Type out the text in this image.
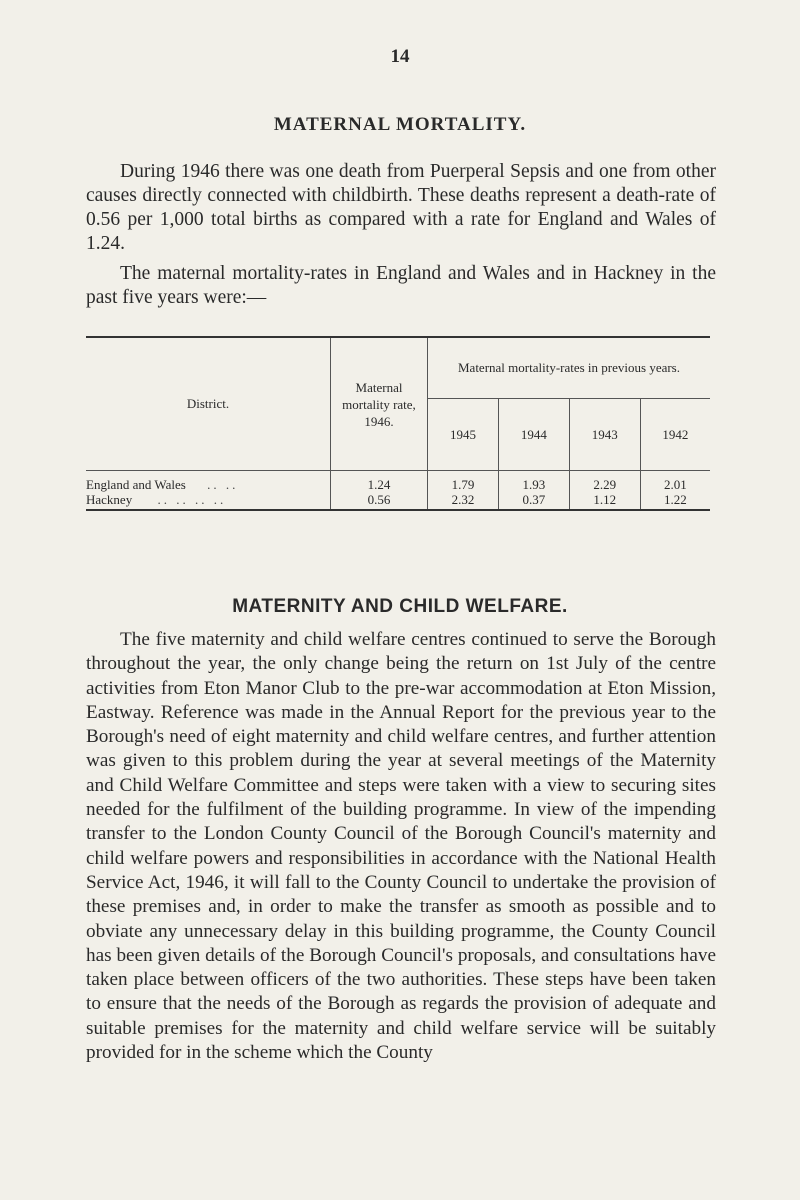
14
MATERNAL MORTALITY.

During 1946 there was one death from Puerperal Sepsis and one from other causes directly connected with childbirth. These deaths represent a death-rate of 0.56 per 1,000 total births as compared with a rate for England and Wales of 1.24.

The maternal mortality-rates in England and Wales and in Hackney in the past five years were:—

District.	Maternal mortality rate, 1946.	Maternal mortality-rates in previous years.			
		1945	1944	1943	1942
England and Wales .. ..	1.24	1.79	1.93	2.29	2.01
Hackney .. .. .. ..	0.56	2.32	0.37	1.12	1.22
MATERNITY AND CHILD WELFARE.

The five maternity and child welfare centres continued to serve the Borough throughout the year, the only change being the return on 1st July of the centre activities from Eton Manor Club to the pre-war accommodation at Eton Mission, Eastway. Reference was made in the Annual Report for the previous year to the Borough's need of eight maternity and child welfare centres, and further attention was given to this problem during the year at several meetings of the Maternity and Child Welfare Committee and steps were taken with a view to securing sites needed for the fulfilment of the building programme. In view of the impending transfer to the London County Council of the Borough Council's maternity and child welfare powers and responsibilities in accordance with the National Health Service Act, 1946, it will fall to the County Council to undertake the provision of these premises and, in order to make the transfer as smooth as possible and to obviate any unnecessary delay in this building programme, the County Council has been given details of the Borough Council's proposals, and consultations have taken place between officers of the two authorities. These steps have been taken to ensure that the needs of the Borough as regards the provision of adequate and suitable premises for the maternity and child welfare service will be suitably provided for in the scheme which the County
